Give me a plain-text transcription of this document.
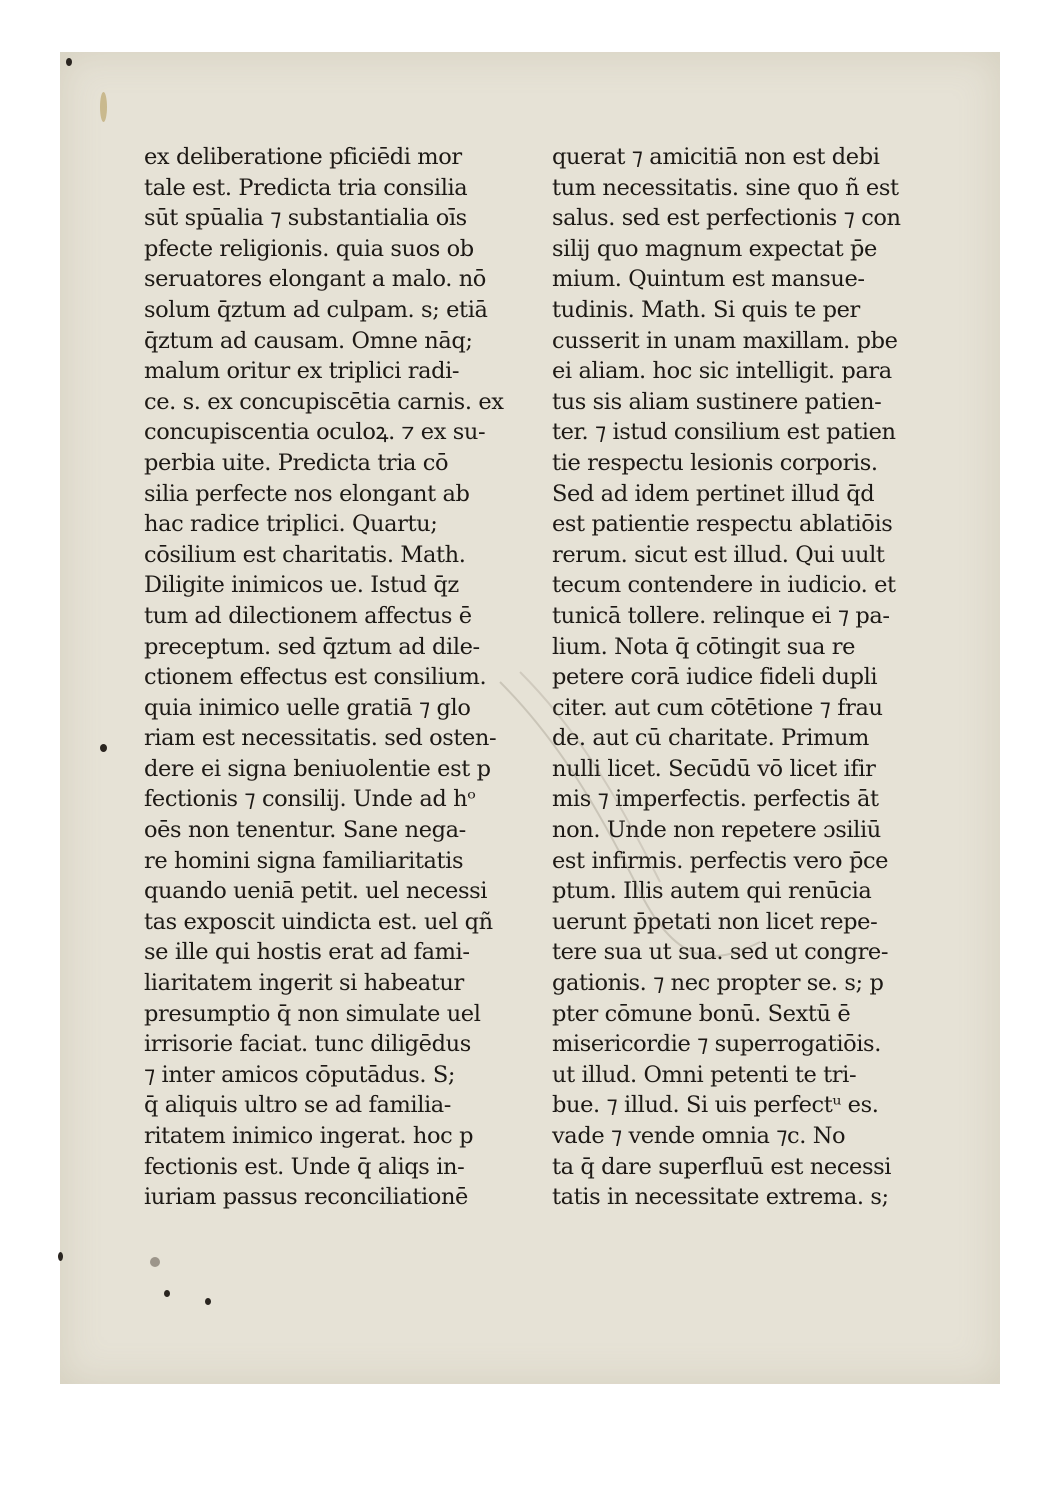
ex deliberatione pficiēdi mor
tale est. Predicta tria consilia
sūt spūalia ⁊ substantialia oīs
pfecte religionis. quia suos ob
seruatores elongant a malo. nō
solum q̄ztum ad culpam. s; etiā
q̄ztum ad causam. Omne nāq;
malum oritur ex triplici radi-
ce. s. ex concupiscētia carnis. ex
concupiscentia oculoꝝ. ⁊ ex su-
perbia uite. Predicta tria cō
silia perfecte nos elongant ab
hac radice triplici. Quartu;
cōsilium est charitatis. Math.
Diligite inimicos ue. Istud q̄z
tum ad dilectionem affectus ē
preceptum. sed q̄ztum ad dile-
ctionem effectus est consilium.
quia inimico uelle gratiā ⁊ glo
riam est necessitatis. sed osten-
dere ei signa beniuolentie est p
fectionis ⁊ consilij. Unde ad hᵒ
oēs non tenentur. Sane nega-
re homini signa familiaritatis
quando ueniā petit. uel necessi
tas exposcit uindicta est. uel qñ
se ille qui hostis erat ad fami-
liaritatem ingerit si habeatur
presumptio q̄ non simulate uel
irrisorie faciat. tunc diligēdus
⁊ inter amicos cōputādus. S;
q̄ aliquis ultro se ad familia-
ritatem inimico ingerat. hoc p
fectionis est. Unde q̄ aliqs in-
iuriam passus reconciliationē
querat ⁊ amicitiā non est debi
tum necessitatis. sine quo ñ est
salus. sed est perfectionis ⁊ con
silij quo magnum expectat p̄e
mium. Quintum est mansue-
tudinis. Math. Si quis te per
cusserit in unam maxillam. pbe
ei aliam. hoc sic intelligit. para
tus sis aliam sustinere patien-
ter. ⁊ istud consilium est patien
tie respectu lesionis corporis.
Sed ad idem pertinet illud q̄d
est patientie respectu ablatiōis
rerum. sicut est illud. Qui uult
tecum contendere in iudicio. et
tunicā tollere. relinque ei ⁊ pa-
lium. Nota q̄ cōtingit sua re
petere corā iudice fideli dupli
citer. aut cum cōtētione ⁊ frau
de. aut cū charitate. Primum
nulli licet. Secūdū vō licet ifir
mis ⁊ imperfectis. perfectis āt
non. Unde non repetere ɔsiliū
est infirmis. perfectis vero p̄ce
ptum. Illis autem qui renūcia
uerunt p̄petati non licet repe-
tere sua ut sua. sed ut congre-
gationis. ⁊ nec propter se. s; p
pter cōmune bonū. Sextū ē
misericordie ⁊ superrogatiōis.
ut illud. Omni petenti te tri-
bue. ⁊ illud. Si uis perfectᵘ es.
vade ⁊ vende omnia ⁊c. No
ta q̄ dare superfluū est necessi
tatis in necessitate extrema. s;
